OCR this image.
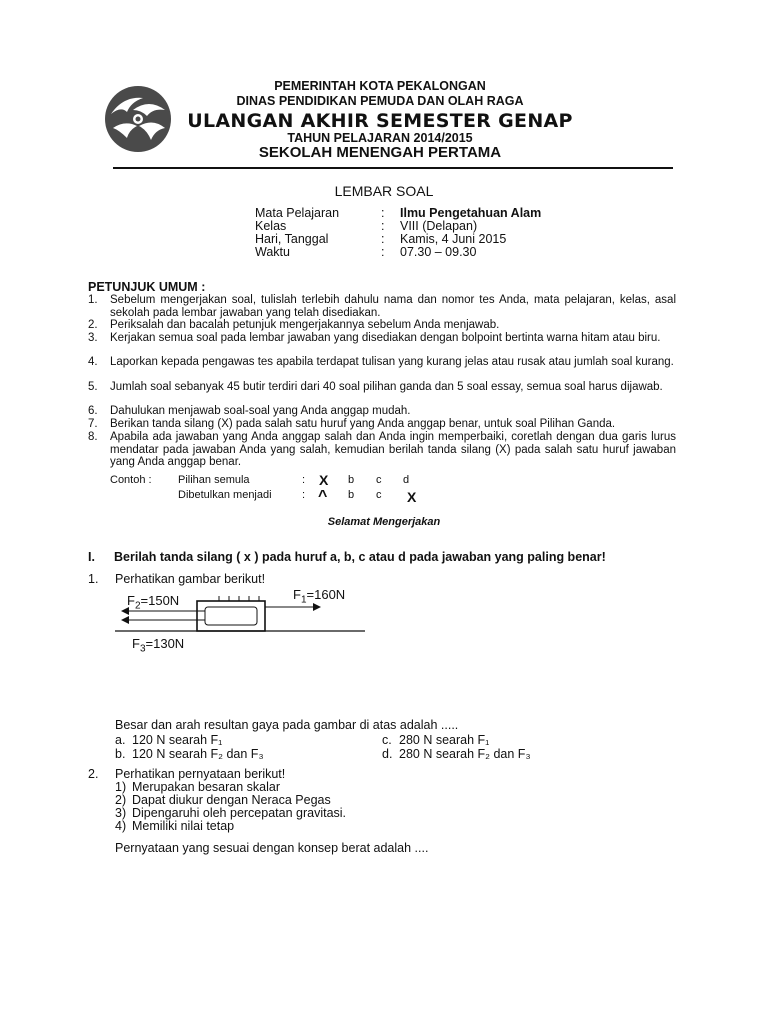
PEMERINTAH KOTA PEKALONGAN
DINAS PENDIDIKAN PEMUDA DAN OLAH RAGA
ULANGAN AKHIR SEMESTER GENAP
TAHUN PELAJARAN 2014/2015
SEKOLAH MENENGAH PERTAMA
LEMBAR SOAL
Mata Pelajaran	: Ilmu Pengetahuan Alam
Kelas	: VIII (Delapan)
Hari, Tanggal	: Kamis, 4 Juni 2015
Waktu	: 07.30 – 09.30
PETUNJUK UMUM :
1. Sebelum mengerjakan soal, tulislah terlebih dahulu nama dan nomor tes Anda, mata pelajaran, kelas, asal sekolah pada lembar jawaban yang telah disediakan.
2. Periksalah dan bacalah petunjuk mengerjakannya sebelum Anda menjawab.
3. Kerjakan semua soal pada lembar jawaban yang disediakan dengan bolpoint bertinta warna hitam atau biru.
4. Laporkan kepada pengawas tes apabila terdapat tulisan yang kurang jelas atau rusak atau jumlah soal kurang.
5. Jumlah soal sebanyak 45 butir terdiri dari 40 soal pilihan ganda dan 5 soal essay, semua soal harus dijawab.
6. Dahulukan menjawab soal-soal yang Anda anggap mudah.
7. Berikan tanda silang (X) pada salah satu huruf yang Anda anggap benar, untuk soal Pilihan Ganda.
8. Apabila ada jawaban yang Anda anggap salah dan Anda ingin memperbaiki, coretlah dengan dua garis lurus mendatar pada jawaban Anda yang salah, kemudian berilah tanda silang (X) pada salah satu huruf jawaban yang Anda anggap benar.
Contoh : Pilihan semula	: X b c d
Dibetulkan menjadi	: ^ b c X
Selamat Mengerjakan
I. Berilah tanda silang ( x ) pada huruf a, b, c atau d pada jawaban yang paling benar!
1. Perhatikan gambar berikut!
$F_2=150N$	$F_1=160N$
$F_3=130N$
Besar dan arah resultan gaya pada gambar di atas adalah .....
a. 120 N searah F₁
b. 120 N searah F₂ dan F₃
c. 280 N searah F₁
d. 280 N searah F₂ dan F₃
2. Perhatikan pernyataan berikut!
1) Merupakan besaran skalar
2) Dapat diukur dengan Neraca Pegas
3) Dipengaruhi oleh percepatan gravitasi.
4) Memiliki nilai tetap
Pernyataan yang sesuai dengan konsep berat adalah ....
